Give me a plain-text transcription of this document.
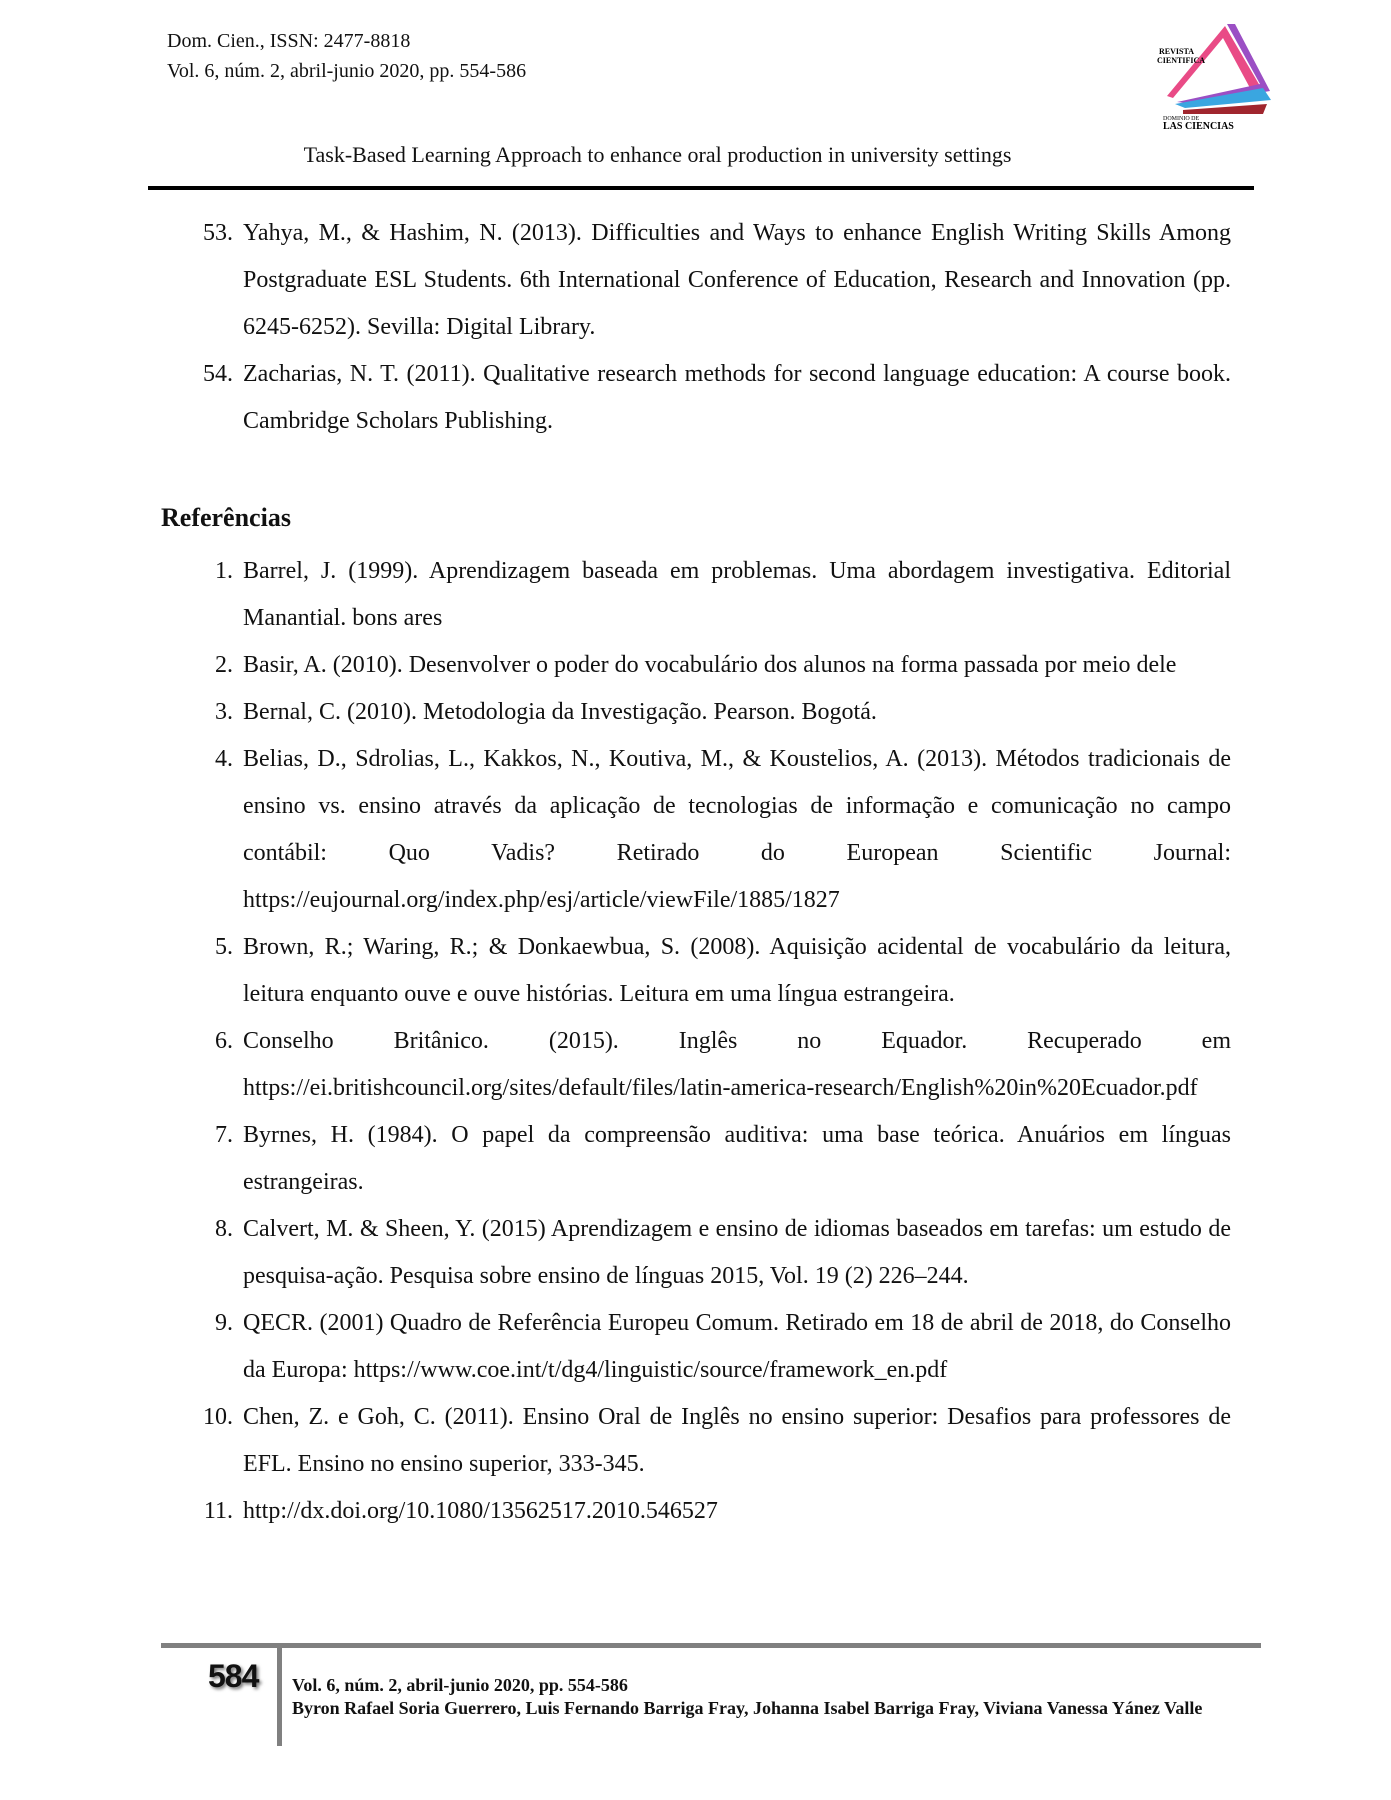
Dom. Cien., ISSN: 2477-8818
Vol. 6, núm. 2, abril-junio 2020, pp. 554-586
REVISTA
CIENTIFICA
DOMINIO DE
LAS CIENCIAS
Task-Based Learning Approach to enhance oral production in university settings
53. Yahya, M., & Hashim, N. (2013). Difficulties and Ways to enhance English Writing Skills Among Postgraduate ESL Students. 6th International Conference of Education, Research and Innovation (pp. 6245-6252). Sevilla: Digital Library.
54. Zacharias, N. T. (2011). Qualitative research methods for second language education: A course book. Cambridge Scholars Publishing.
Referências
1. Barrel, J. (1999). Aprendizagem baseada em problemas. Uma abordagem investigativa. Editorial Manantial. bons ares
2. Basir, A. (2010). Desenvolver o poder do vocabulário dos alunos na forma passada por meio dele
3. Bernal, C. (2010). Metodologia da Investigação. Pearson. Bogotá.
4. Belias, D., Sdrolias, L., Kakkos, N., Koutiva, M., & Koustelios, A. (2013). Métodos tradicionais de ensino vs. ensino através da aplicação de tecnologias de informação e comunicação no campo contábil: Quo Vadis? Retirado do European Scientific Journal: https://eujournal.org/index.php/esj/article/viewFile/1885/1827
5. Brown, R.; Waring, R.; & Donkaewbua, S. (2008). Aquisição acidental de vocabulário da leitura, leitura enquanto ouve e ouve histórias. Leitura em uma língua estrangeira.
6. Conselho Britânico. (2015). Inglês no Equador. Recuperado em https://ei.britishcouncil.org/sites/default/files/latin-america-research/English%20in%20Ecuador.pdf
7. Byrnes, H. (1984). O papel da compreensão auditiva: uma base teórica. Anuários em línguas estrangeiras.
8. Calvert, M. & Sheen, Y. (2015) Aprendizagem e ensino de idiomas baseados em tarefas: um estudo de pesquisa-ação. Pesquisa sobre ensino de línguas 2015, Vol. 19 (2) 226–244.
9. QECR. (2001) Quadro de Referência Europeu Comum. Retirado em 18 de abril de 2018, do Conselho da Europa: https://www.coe.int/t/dg4/linguistic/source/framework_en.pdf
10. Chen, Z. e Goh, C. (2011). Ensino Oral de Inglês no ensino superior: Desafios para professores de EFL. Ensino no ensino superior, 333-345.
11. http://dx.doi.org/10.1080/13562517.2010.546527
584 Vol. 6, núm. 2, abril-junio 2020, pp. 554-586
Byron Rafael Soria Guerrero, Luis Fernando Barriga Fray, Johanna Isabel Barriga Fray, Viviana Vanessa Yánez Valle
